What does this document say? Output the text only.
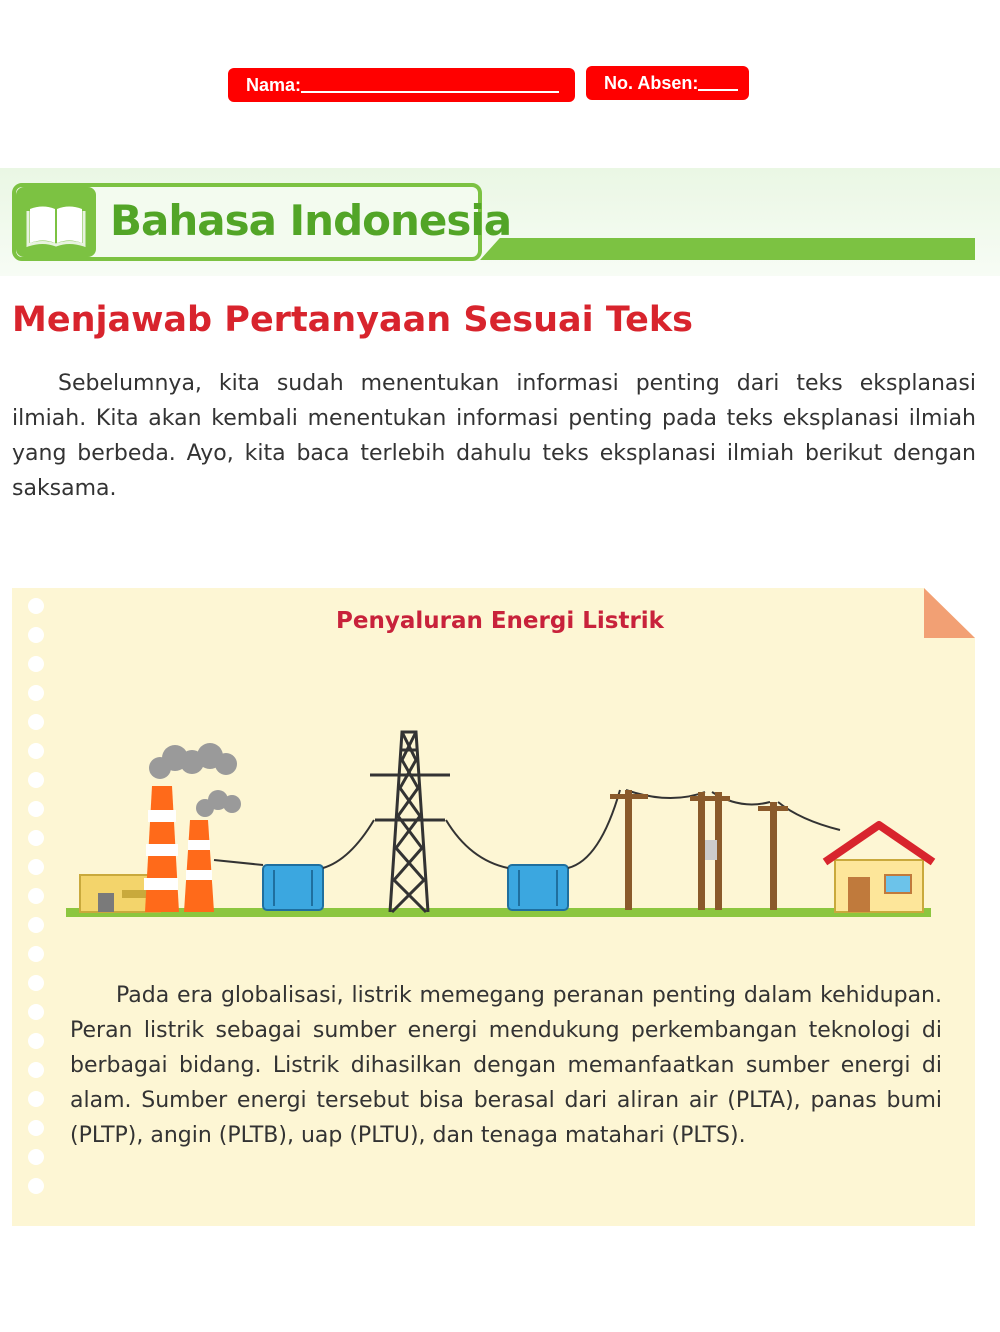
Nama:	No. Absen:
Bahasa Indonesia
Menjawab Pertanyaan Sesuai Teks

Sebelumnya, kita sudah menentukan informasi penting dari teks eksplanasi ilmiah. Kita akan kembali menentukan informasi penting pada teks eksplanasi ilmiah yang berbeda. Ayo, kita baca terlebih dahulu teks eksplanasi ilmiah berikut dengan saksama.

Penyaluran Energi Listrik

Pada era globalisasi, listrik memegang peranan penting dalam kehidupan. Peran listrik sebagai sumber energi mendukung perkembangan teknologi di berbagai bidang. Listrik dihasilkan dengan memanfaatkan sumber energi di alam. Sumber energi tersebut bisa berasal dari aliran air (PLTA), panas bumi (PLTP), angin (PLTB), uap (PLTU), dan tenaga matahari (PLTS).
